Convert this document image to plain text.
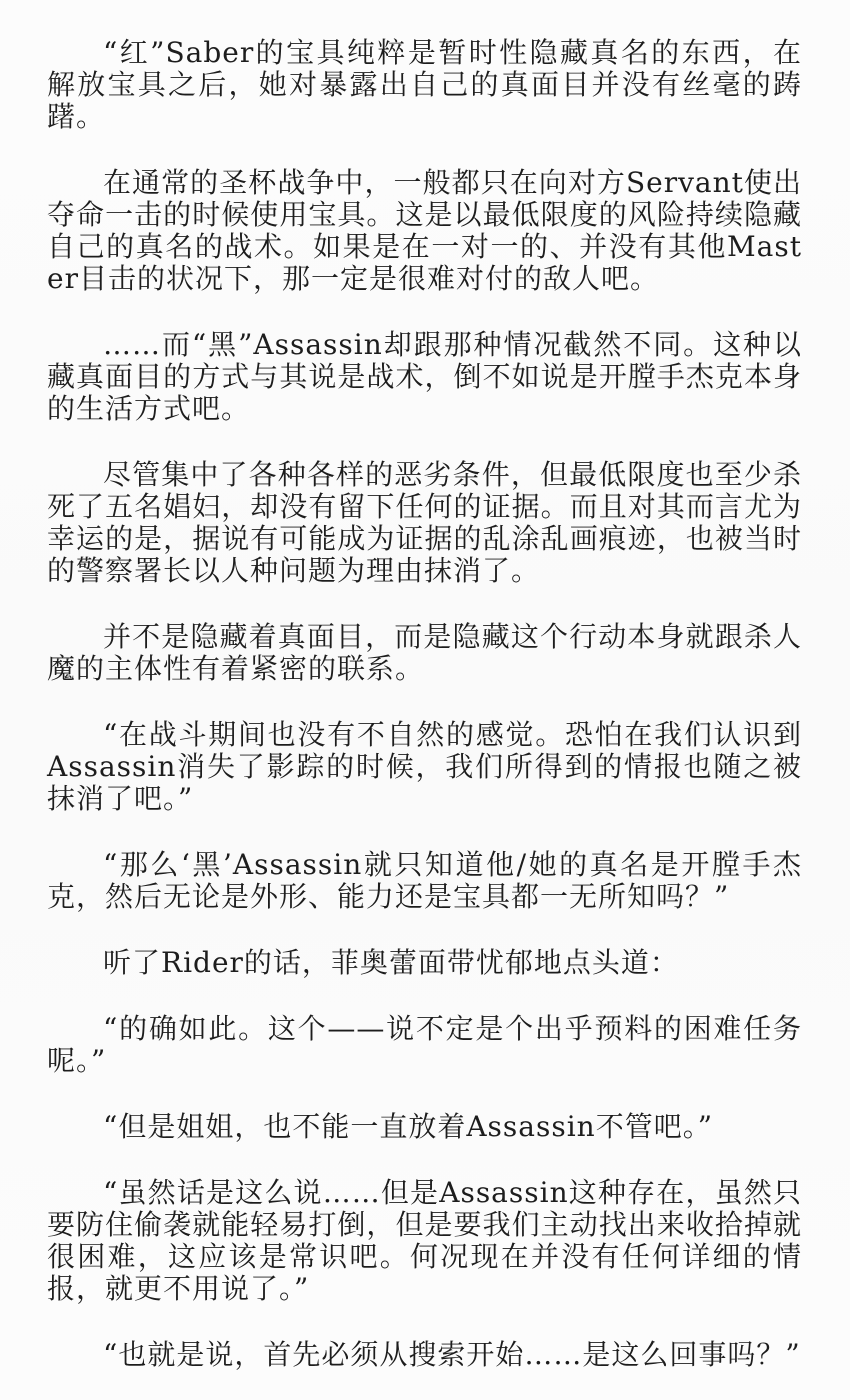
“红”Saber的宝具纯粹是暂时性隐藏真名的东西，在解放宝具之后，她对暴露出自己的真面目并没有丝毫的踌躇。

在通常的圣杯战争中，一般都只在向对方Servant使出夺命一击的时候使用宝具。这是以最低限度的风险持续隐藏自己的真名的战术。如果是在一对一的、并没有其他Master目击的状况下，那一定是很难对付的敌人吧。

……而“黑”Assassin却跟那种情况截然不同。这种以藏真面目的方式与其说是战术，倒不如说是开膛手杰克本身的生活方式吧。

尽管集中了各种各样的恶劣条件，但最低限度也至少杀死了五名娼妇，却没有留下任何的证据。而且对其而言尤为幸运的是，据说有可能成为证据的乱涂乱画痕迹，也被当时的警察署长以人种问题为理由抹消了。

并不是隐藏着真面目，而是隐藏这个行动本身就跟杀人魔的主体性有着紧密的联系。

“在战斗期间也没有不自然的感觉。恐怕在我们认识到Assassin消失了影踪的时候，我们所得到的情报也随之被抹消了吧。”

“那么‘黑’Assassin就只知道他/她的真名是开膛手杰克，然后无论是外形、能力还是宝具都一无所知吗？”

听了Rider的话，菲奥蕾面带忧郁地点头道：

“的确如此。这个——说不定是个出乎预料的困难任务呢。”

“但是姐姐，也不能一直放着Assassin不管吧。”

“虽然话是这么说……但是Assassin这种存在，虽然只要防住偷袭就能轻易打倒，但是要我们主动找出来收拾掉就很困难，这应该是常识吧。何况现在并没有任何详细的情报，就更不用说了。”

“也就是说，首先必须从搜索开始……是这么回事吗？”
